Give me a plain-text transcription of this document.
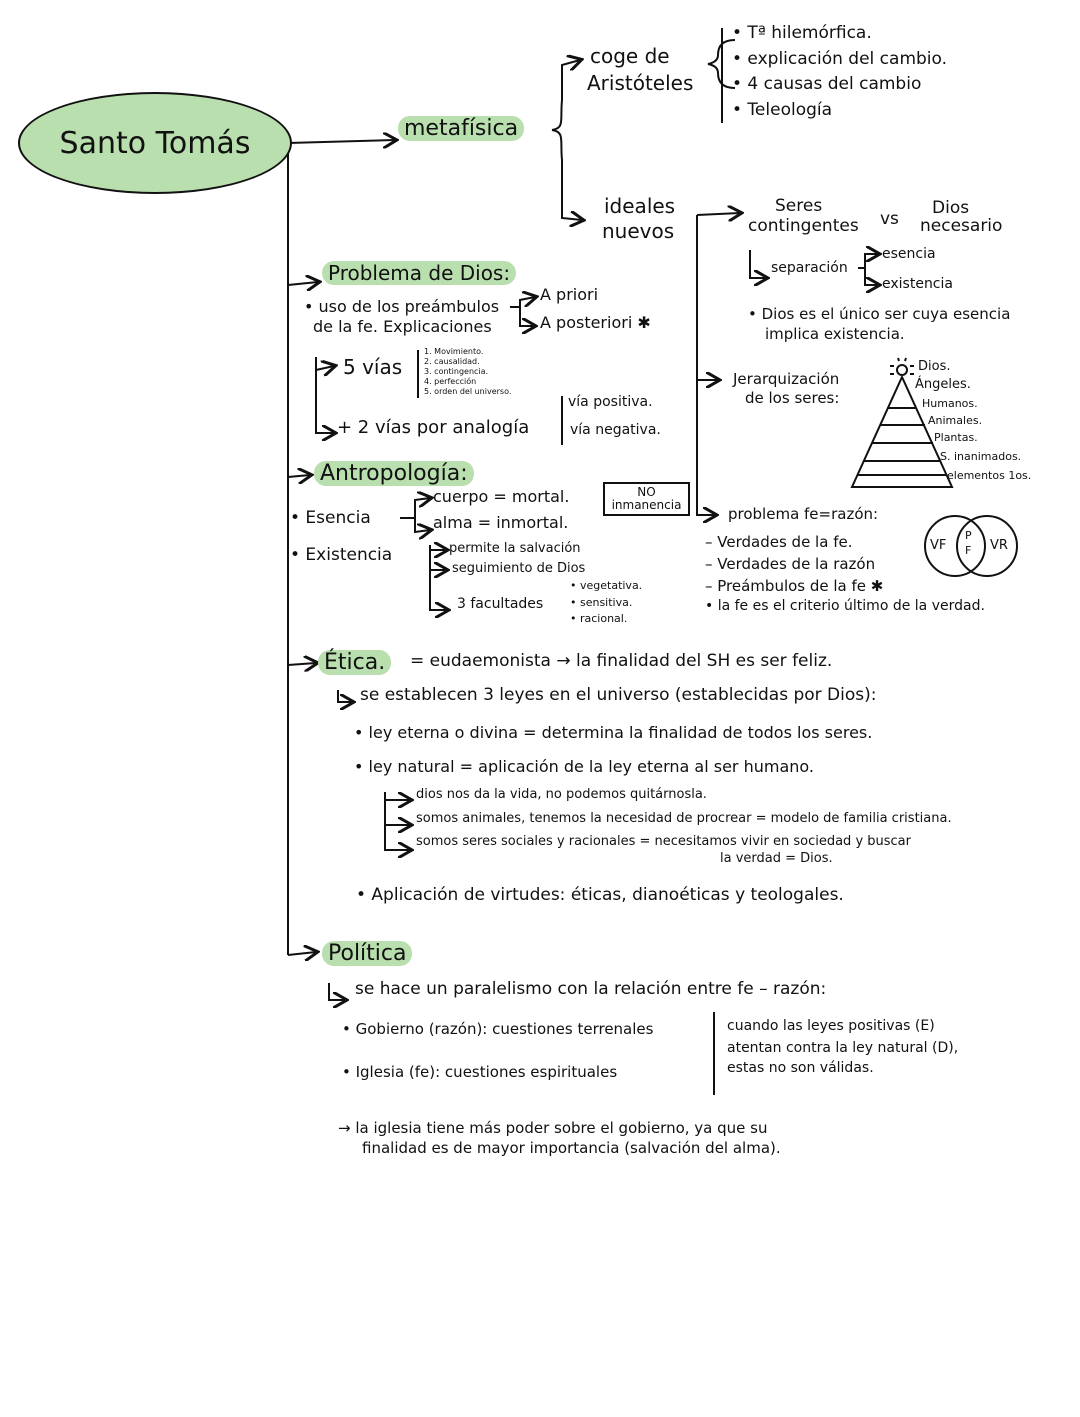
Santo Tomás	metafísica
coge de
Aristóteles
• Tª hilemórfica.
• explicación del cambio.
• 4 causas del cambio
• Teleología
ideales
nuevos
Seres
contingentes vs
Dios
necesario
separación
esencia
existencia
• Dios es el único ser cuya esencia
implica existencia.
Jerarquización
de los seres:
Dios.
Ángeles.
Humanos.
Animales.
Plantas.
S. inanimados.
elementos 1os.
problema fe=razón:
– Verdades de la fe.
– Verdades de la razón
– Preámbulos de la fe ✱
• la fe es el criterio último de la verdad.
VF
P
F VR
Problema de Dios:
• uso de los preámbulos
de la fe. Explicaciones
A priori
A posteriori ✱
5 vías
1. Movimiento.
2. causalidad.
3. contingencia.
4. perfección
5. orden del universo.
+ 2 vías por analogía
vía positiva.
vía negativa.
Antropología:
• Esencia
• Existencia
cuerpo = mortal.
alma = inmortal.
NO
inmanencia
permite la salvación
seguimiento de Dios
3 facultades
• vegetativa.
• sensitiva.
• racional.
Ética.	= eudaemonista → la finalidad del SH es ser feliz.
se establecen 3 leyes en el universo (establecidas por Dios):
• ley eterna o divina = determina la finalidad de todos los seres.
• ley natural = aplicación de la ley eterna al ser humano.
dios nos da la vida, no podemos quitárnosla.
somos animales, tenemos la necesidad de procrear = modelo de familia cristiana.
somos seres sociales y racionales = necesitamos vivir en sociedad y buscar
la verdad = Dios.
• Aplicación de virtudes: éticas, dianoéticas y teologales.
Política
se hace un paralelismo con la relación entre fe – razón:
• Gobierno (razón): cuestiones terrenales
• Iglesia (fe): cuestiones espirituales
cuando las leyes positivas (E)
atentan contra la ley natural (D),
estas no son válidas.
→ la iglesia tiene más poder sobre el gobierno, ya que su
finalidad es de mayor importancia (salvación del alma).
